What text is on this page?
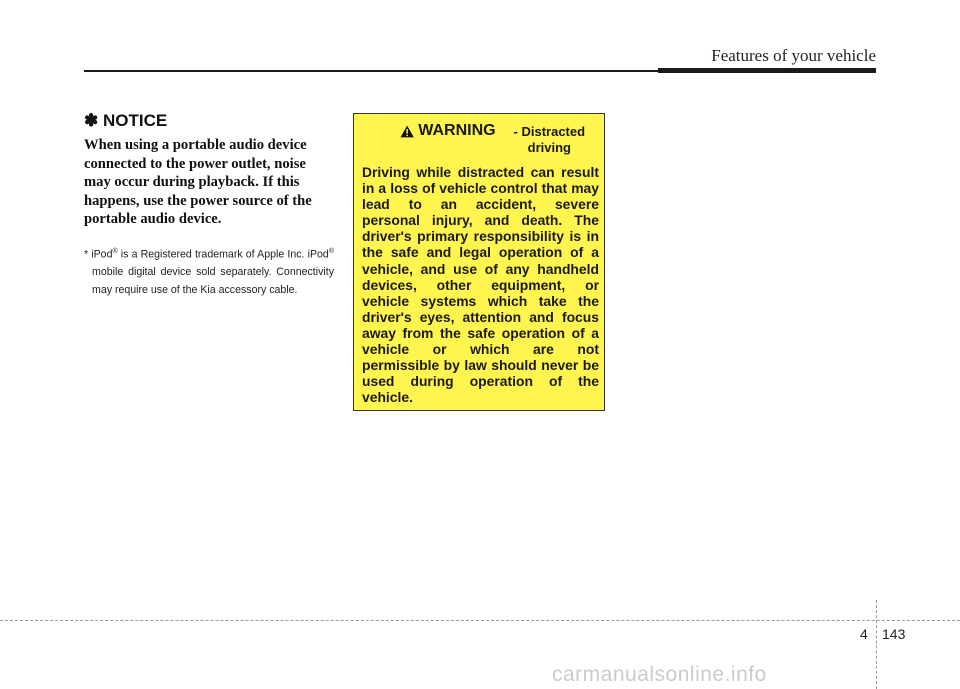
Features of your vehicle
✽ NOTICE

When using a portable audio device connected to the power outlet, noise may occur during playback. If this happens, use the power source of the portable audio device.

* iPod® is a Registered trademark of Apple Inc. iPod® mobile digital device sold separately. Connectivity may require use of the Kia accessory cable.
WARNING	- Distracted driving

Driving while distracted can result in a loss of vehicle control that may lead to an accident, severe personal injury, and death. The driver's primary responsibility is in the safe and legal operation of a vehicle, and use of any handheld devices, other equipment, or vehicle systems which take the driver's eyes, attention and focus away from the safe operation of a vehicle or which are not permissible by law should never be used during operation of the vehicle.

4 143
carmanualsonline.info
